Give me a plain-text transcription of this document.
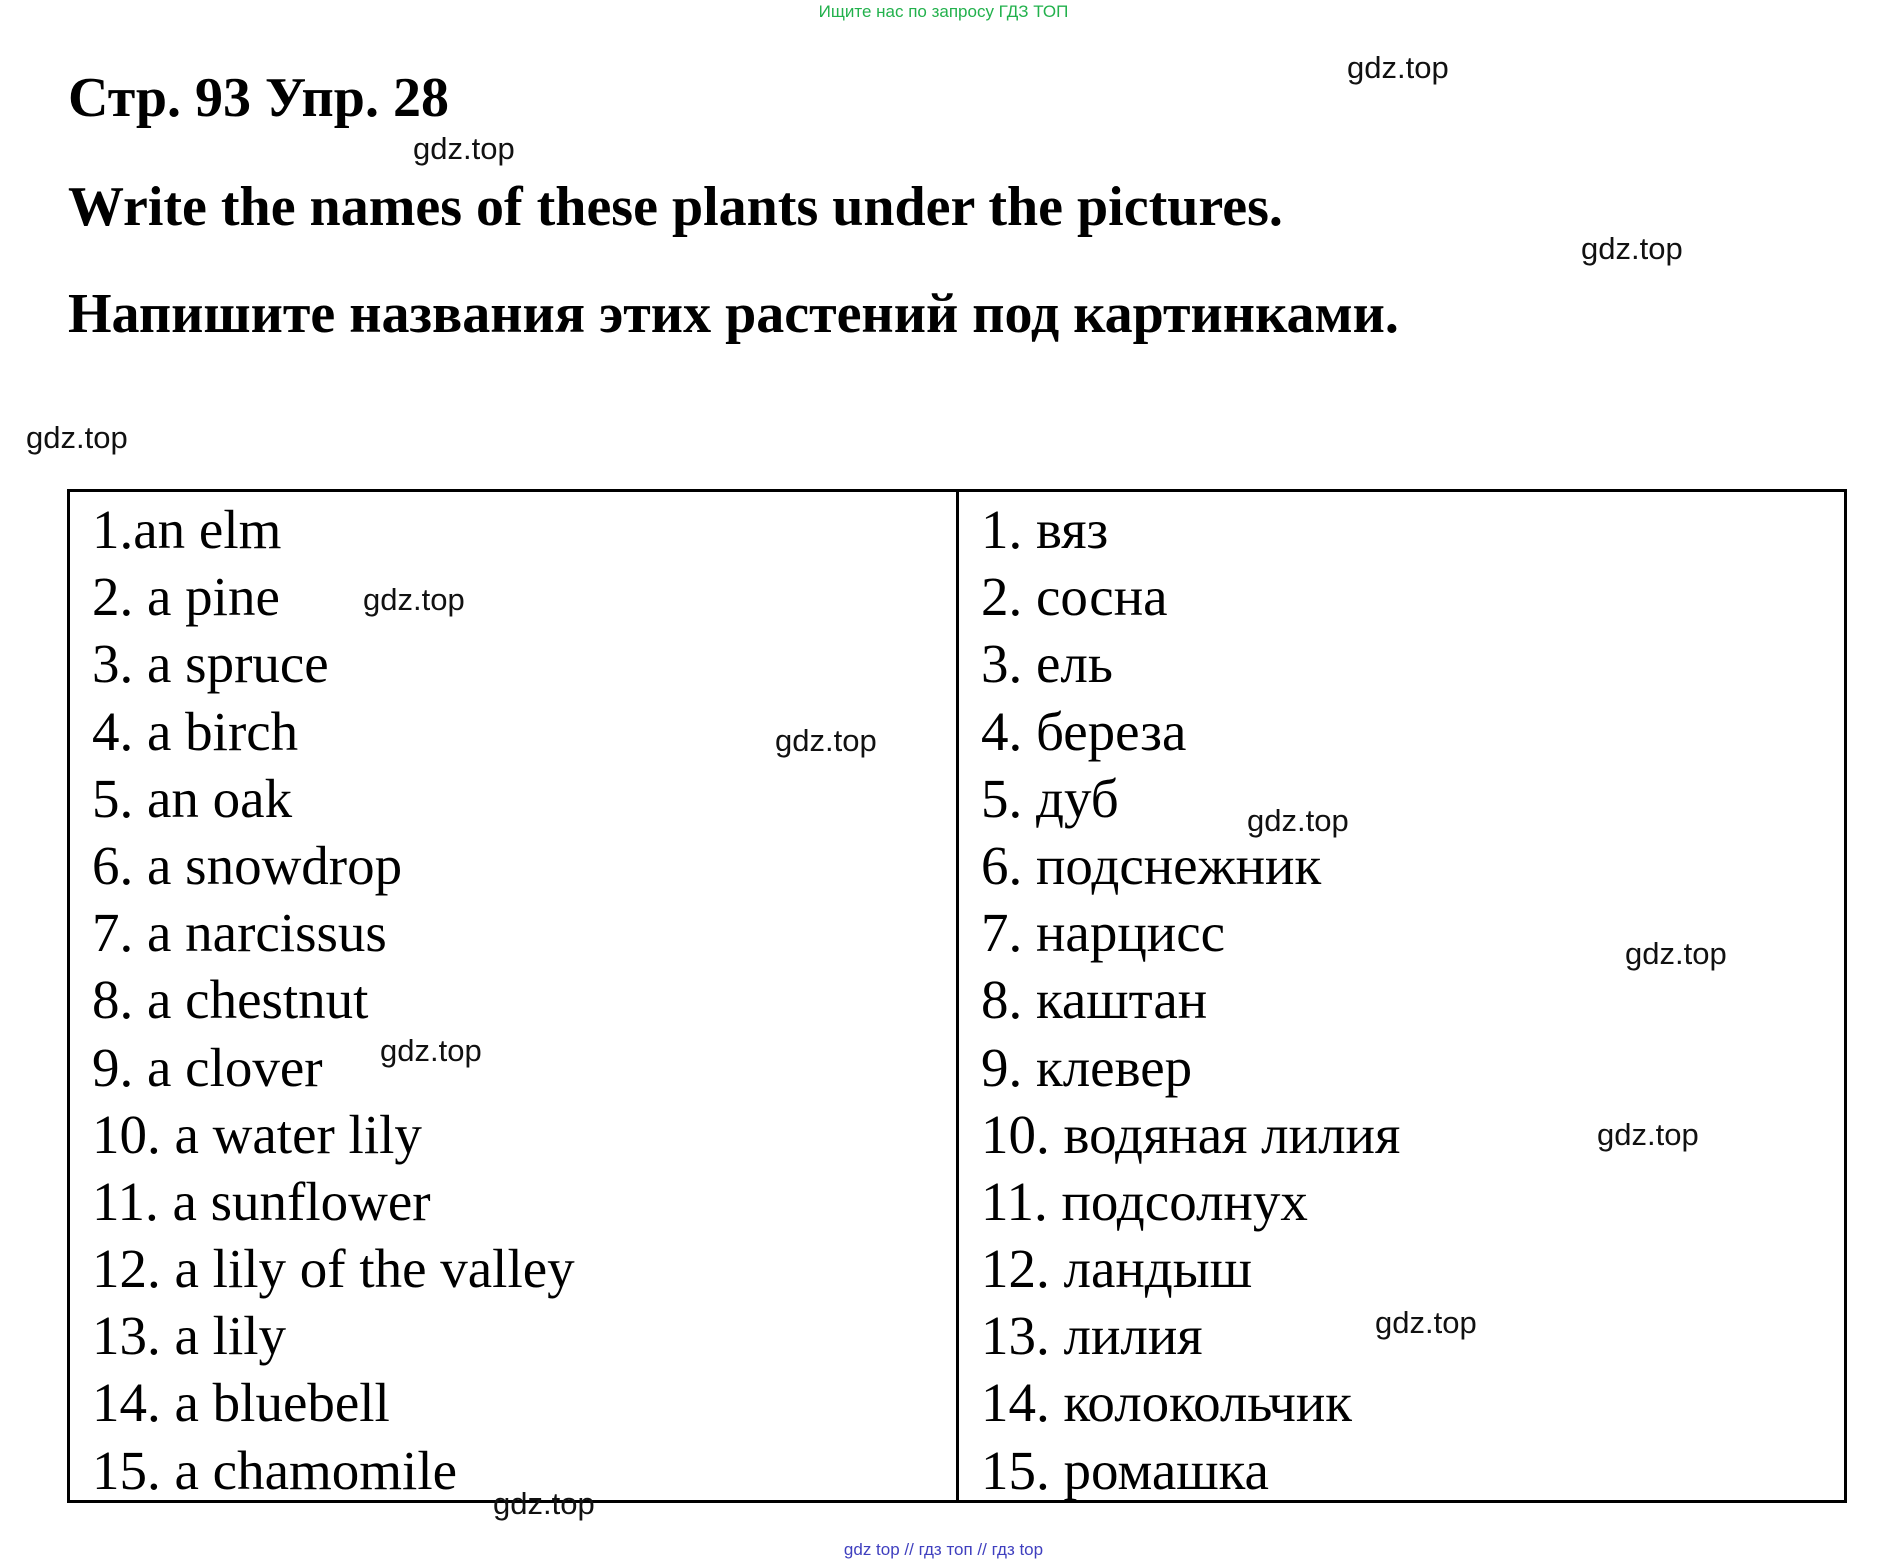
Ищите нас по запросу ГДЗ ТОП
Стр. 93 Упр. 28
Write the names of these plants under the pictures.
Напишите названия этих растений под картинками.
gdz.top
gdz.top
gdz.top
gdz.top
gdz.top
gdz.top
gdz.top
gdz.top
gdz.top
gdz.top
gdz.top
1.an elm
2. a pine
3. a spruce
4. a birch
5. an oak
6. a snowdrop
7. a narcissus
8. a chestnut
9. a clover
10. a water lily
11. a sunflower
12. a lily of the valley
13. a lily
14. a bluebell
15. a chamomile
1. вяз
2. сосна
3. ель
4. береза
5. дуб
6. подснежник
7. нарцисс
8. каштан
9. клевер
10. водяная лилия
11. подсолнух
12. ландыш
13. лилия
14. колокольчик
15. ромашка
gdz.top
gdz top // гдз топ // гдз top
